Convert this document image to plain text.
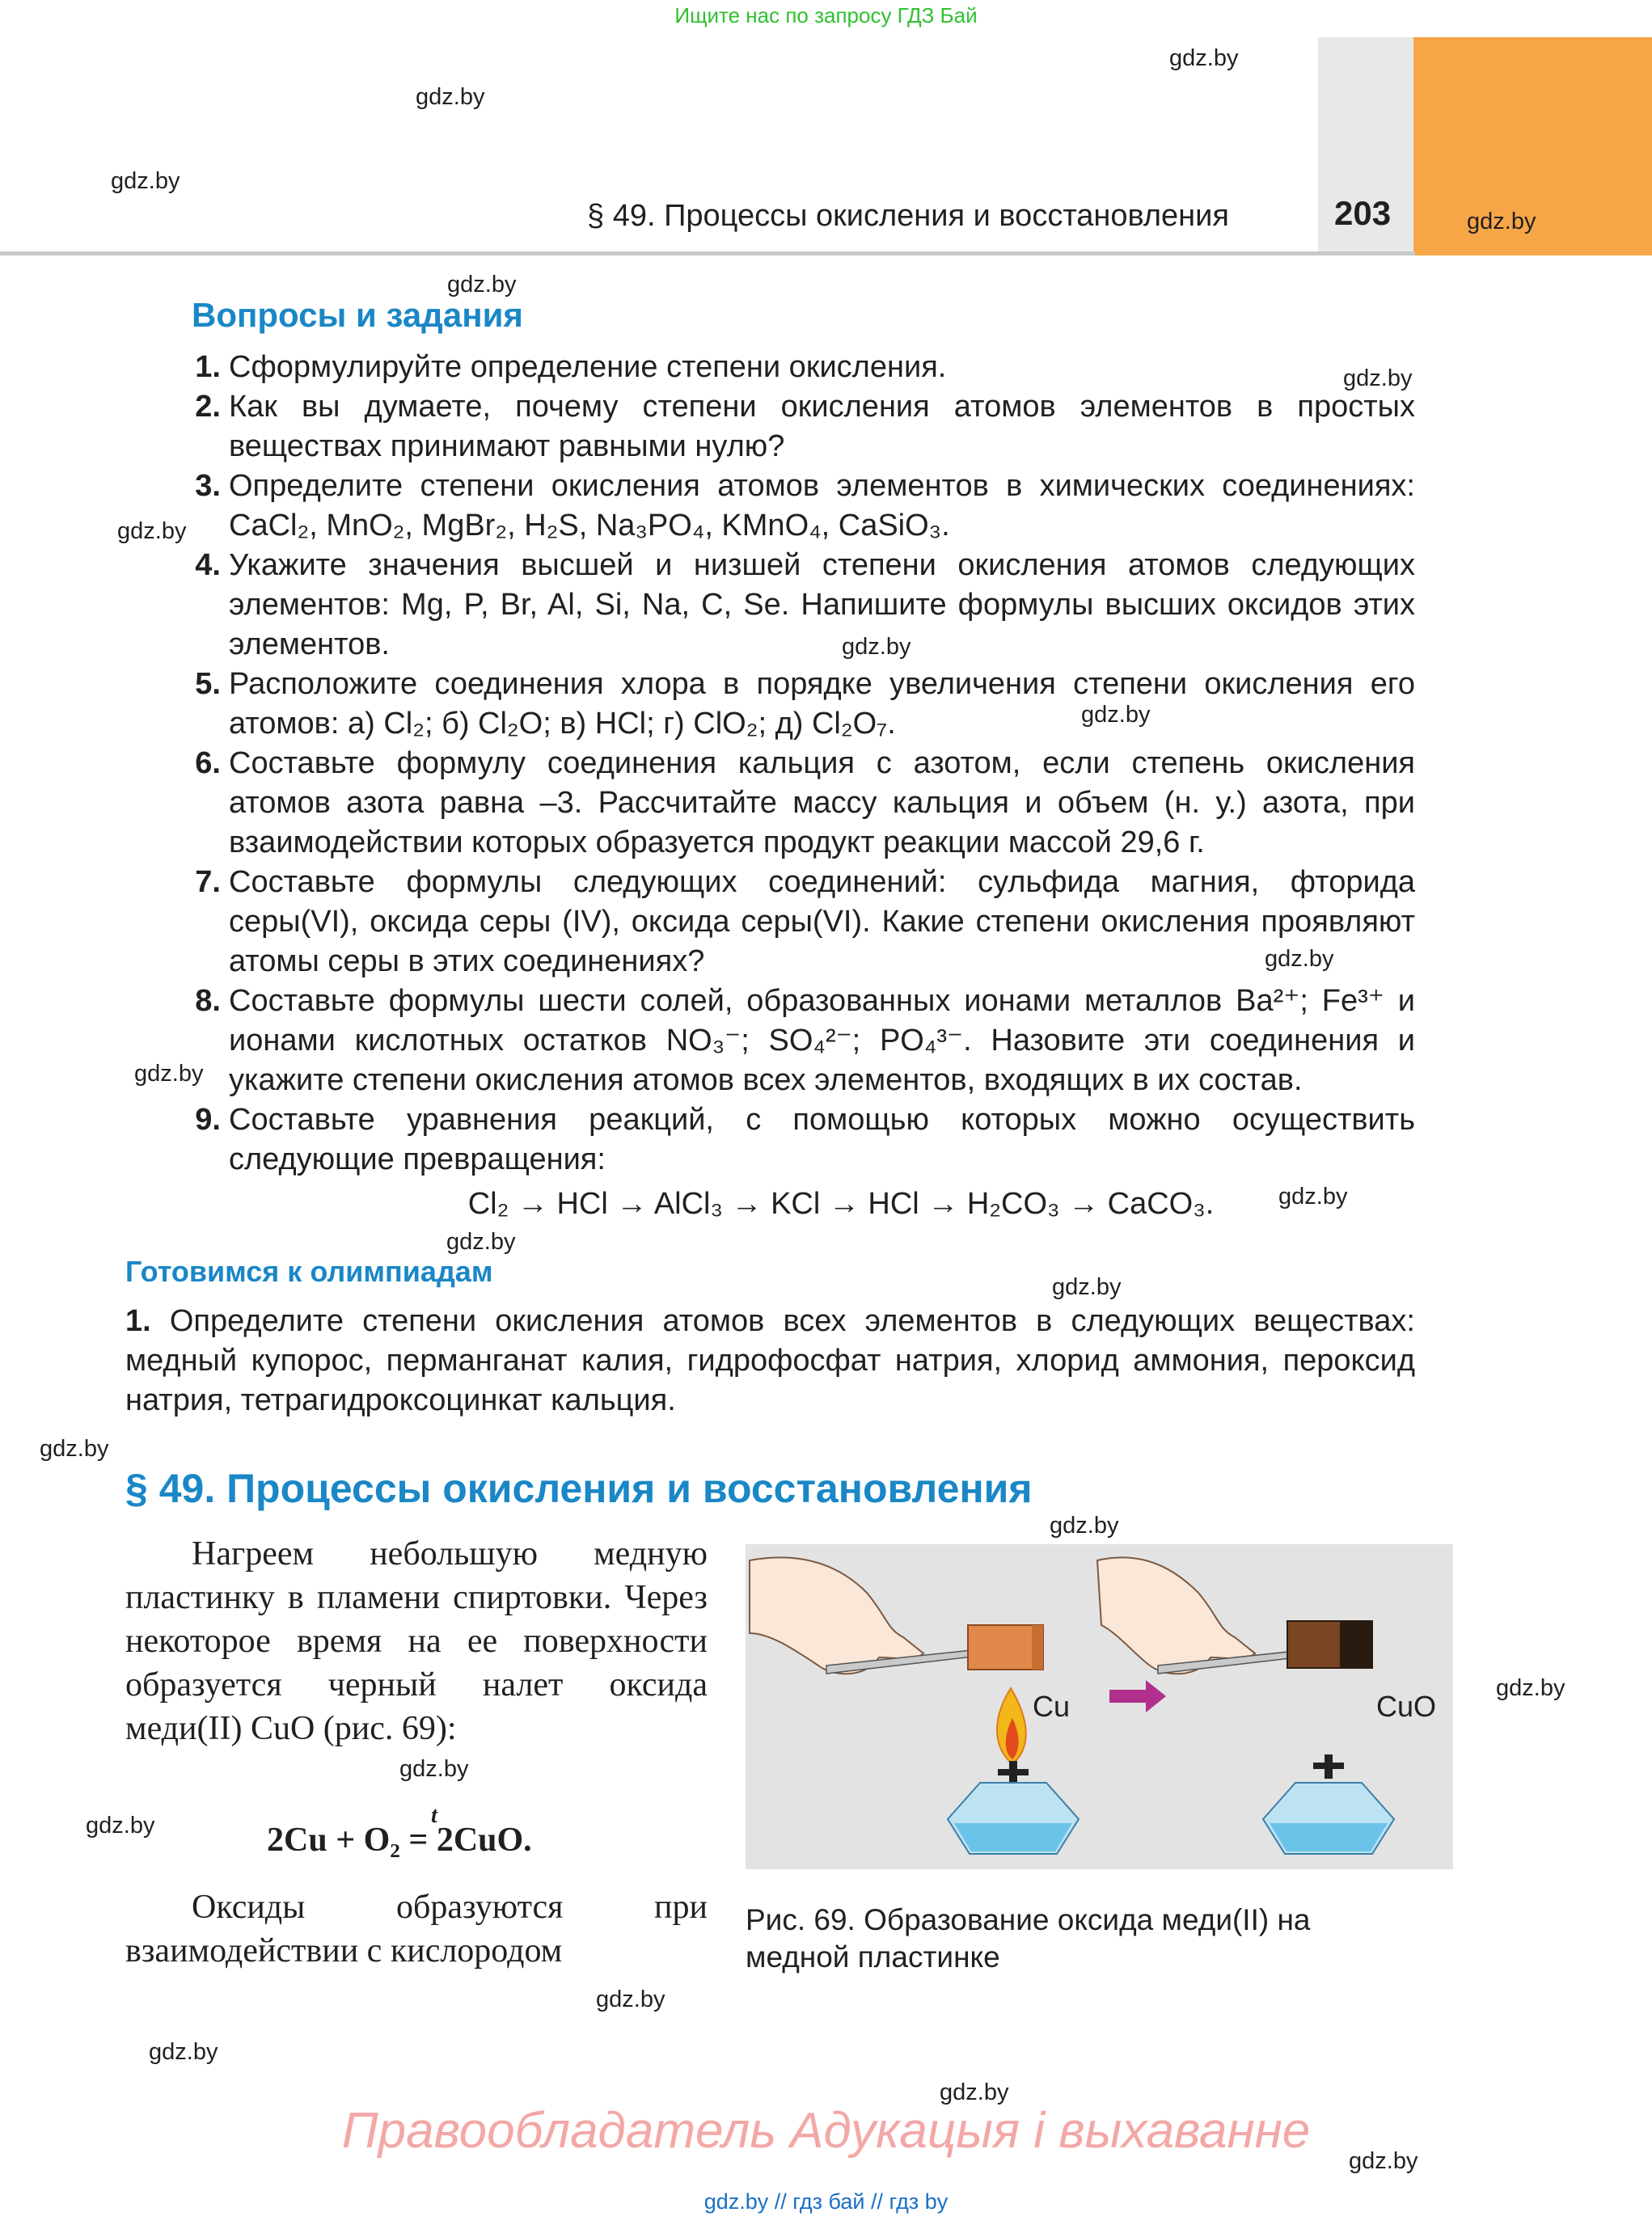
Ищите нас по запросу ГДЗ Бай
§ 49. Процессы окисления и восстановления	203
gdz.by
gdz.by
gdz.by
gdz.by
gdz.by
gdz.by
gdz.by
gdz.by
gdz.by
gdz.by
gdz.by
gdz.by
gdz.by
gdz.by
gdz.by
gdz.by
gdz.by
gdz.by
gdz.by
gdz.by
gdz.by
gdz.by
gdz.by
Вопросы и задания
1. Сформулируйте определение степени окисления.
2. Как вы думаете, почему степени окисления атомов элементов в простых веществах принимают равными нулю?
3. Определите степени окисления атомов элементов в химических соединениях: CaCl₂, MnO₂, MgBr₂, H₂S, Na₃PO₄, KMnO₄, CaSiO₃.
4. Укажите значения высшей и низшей степени окисления атомов следующих элементов: Mg, P, Br, Al, Si, Na, C, Se. Напишите формулы высших оксидов этих элементов.
5. Расположите соединения хлора в порядке увеличения степени окисления его атомов: а) Cl₂; б) Cl₂O; в) HCl; г) ClO₂; д) Cl₂O₇.
6. Составьте формулу соединения кальция с азотом, если степень окисления атомов азота равна –3. Рассчитайте массу кальция и объем (н. у.) азота, при взаимодействии которых образуется продукт реакции массой 29,6 г.
7. Составьте формулы следующих соединений: сульфида магния, фторида серы(VI), оксида серы (IV), оксида серы(VI). Какие степени окисления проявляют атомы серы в этих соединениях?
8. Составьте формулы шести солей, образованных ионами металлов Ba²⁺; Fe³⁺ и ионами кислотных остатков NO₃⁻; SO₄²⁻; PO₄³⁻. Назовите эти соединения и укажите степени окисления атомов всех элементов, входящих в их состав.
9. Составьте уравнения реакций, с помощью которых можно осуществить следующие превращения:
Cl₂ → HCl → AlCl₃ → KCl → HCl → H₂CO₃ → CaCO₃.
Готовимся к олимпиадам
1. Определите степени окисления атомов всех элементов в следующих веществах: медный купорос, перманганат калия, гидрофосфат натрия, хлорид аммония, пероксид натрия, тетрагидроксоцинкат кальция.
§ 49. Процессы окисления и восстановления

Нагреем небольшую медную пластинку в пламени спиртовки. Через некоторое время на ее поверхности образуется черный налет оксида меди(II) CuO (рис. 69):

t
2Cu + O₂ = 2CuO.

Оксиды образуются при взаимодействии с кислородом

Cu	CuO
Рис. 69. Образование оксида меди(II) на медной пластинке
Правообладатель Адукацыя і выхаванне
gdz.by // гдз бай // гдз by
